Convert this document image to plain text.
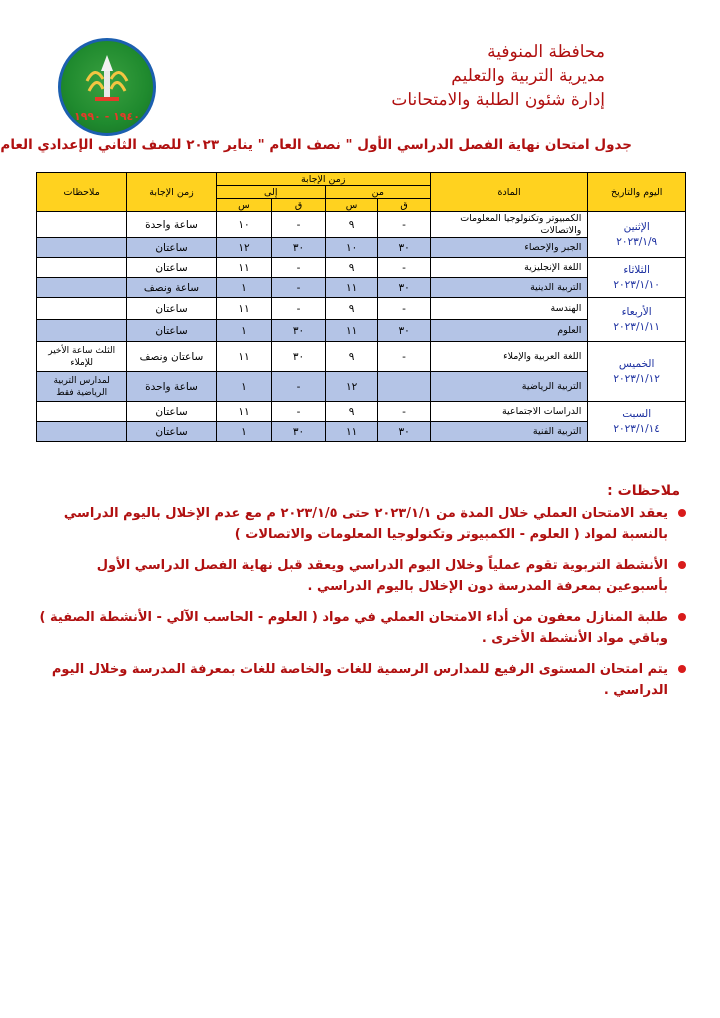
محافظة المنوفية
مديرية التربية والتعليم
إدارة شئون الطلبة والامتحانات
١٩٤٠ - ١٩٩٠
جدول امتحان نهاية الفصل الدراسي الأول " نصف العام " يناير ٢٠٢٣ للصف الثاني الإعدادي العام
اليوم والتاريخ	المادة	زمن الإجابة				زمن الإجابة	ملاحظات
		من		إلى			
		ق	س	ق	س		

الإثنين
٢٠٢٣/١/٩	الكمبيوتر وتكنولوجيا المعلومات والاتصالات	-	٩	-	١٠	ساعة واحدة	
	الجبر والإحصاء	٣٠	١٠	٣٠	١٢	ساعتان	

الثلاثاء
٢٠٢٣/١/١٠	اللغة الإنجليزية	-	٩	-	١١	ساعتان	
	التربية الدينية	٣٠	١١	-	١	ساعة ونصف	

الأربعاء
٢٠٢٣/١/١١	الهندسة	-	٩	-	١١	ساعتان	
	العلوم	٣٠	١١	٣٠	١	ساعتان	

الخميس
٢٠٢٣/١/١٢	اللغة العربية والإملاء	-	٩	٣٠	١١	ساعتان ونصف	الثلث ساعة الأخير للإملاء
	التربية الرياضية		١٢	-	١	ساعة واحدة	لمدارس التربية الرياضية فقط

السبت
٢٠٢٣/١/١٤	الدراسات الاجتماعية	-	٩	-	١١	ساعتان	
	التربية الفنية	٣٠	١١	٣٠	١	ساعتان	
ملاحظات :
يعقد الامتحان العملي خلال المدة من ٢٠٢٣/١/١ حتى ٢٠٢٣/١/٥ م مع عدم الإخلال باليوم الدراسي بالنسبة لمواد ( العلوم - الكمبيوتر وتكنولوجيا المعلومات والاتصالات )
الأنشطة التربوية تقوم عملياً وخلال اليوم الدراسي ويعقد قبل نهاية الفصل الدراسي الأول بأسبوعين بمعرفة المدرسة دون الإخلال باليوم الدراسي .
طلبة المنازل معفون من أداء الامتحان العملي في مواد ( العلوم - الحاسب الآلي - الأنشطة الصفية ) وباقي مواد الأنشطة الأخرى .
يتم امتحان المستوى الرفيع للمدارس الرسمية للغات والخاصة للغات بمعرفة المدرسة وخلال اليوم الدراسي .
